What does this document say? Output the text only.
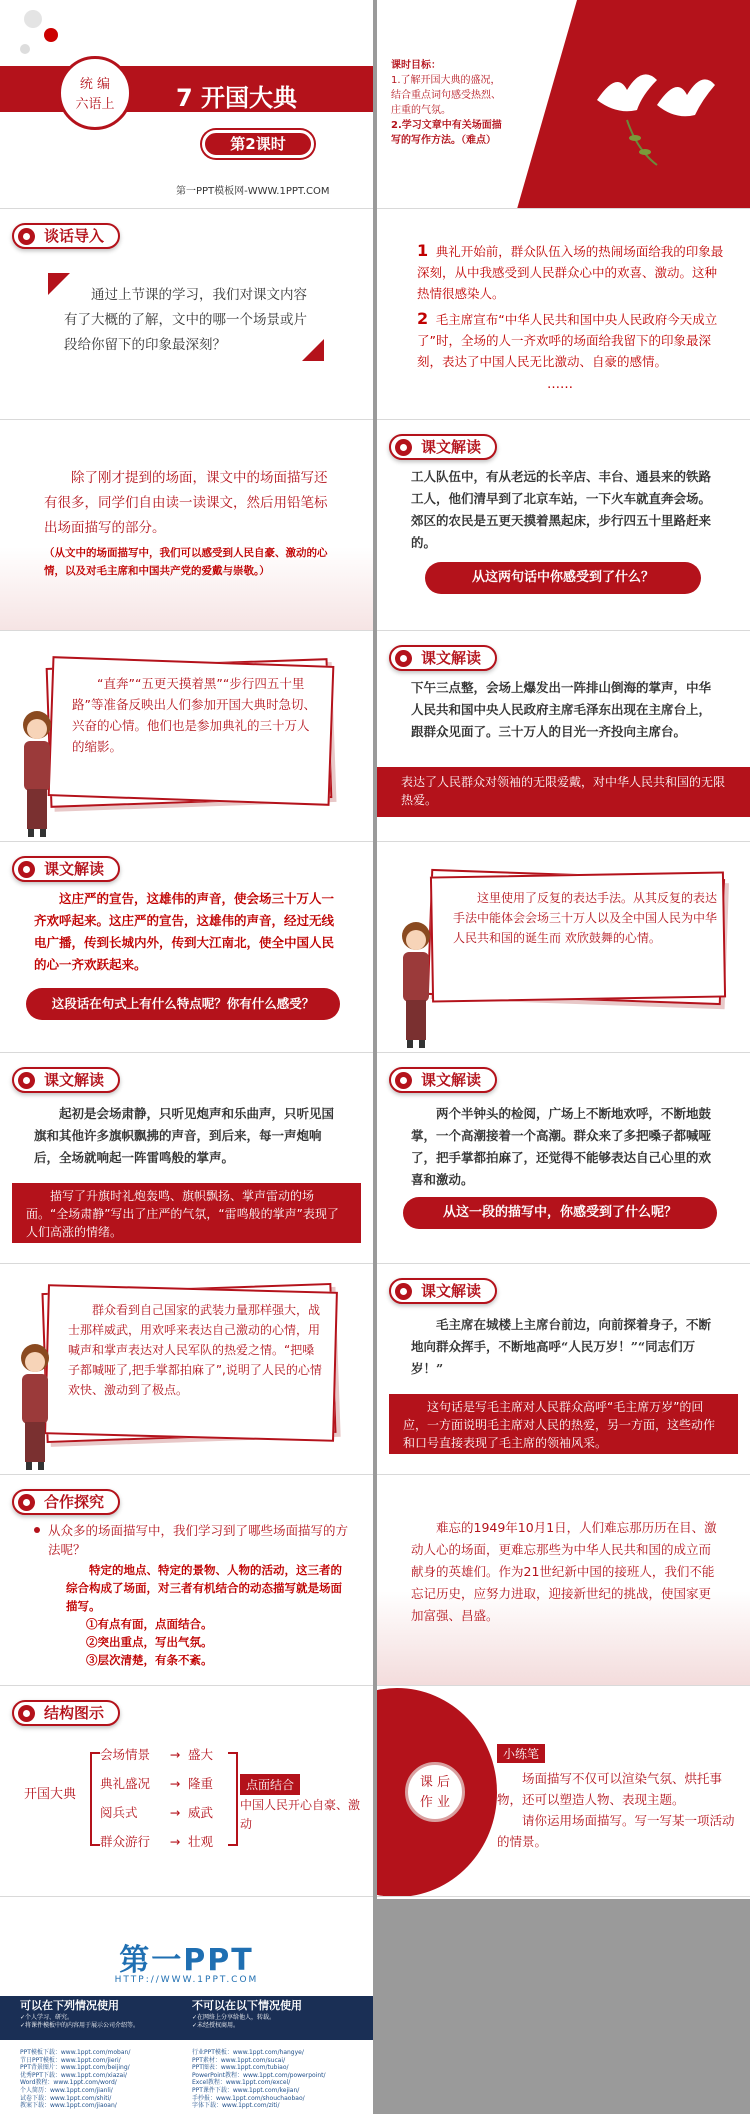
统 编
六语上	7 开国大典
第2课时
第一PPT模板网-WWW.1PPT.COM
课时目标：
1.了解开国大典的盛况，结合重点词句感受热烈、庄重的气氛。
2.学习文章中有关场面描写的写作方法。（难点）
谈话导入
通过上节课的学习，我们对课文内容有了大概的了解，文中的哪一个场景或片段给你留下的印象最深刻？
1 典礼开始前，群众队伍入场的热闹场面给我的印象最深刻，从中我感受到人民群众心中的欢喜、激动。这种热情很感染人。
2 毛主席宣布“中华人民共和国中央人民政府今天成立了”时，全场的人一齐欢呼的场面给我留下的印象最深刻，表达了中国人民无比激动、自豪的感情。
……
除了刚才提到的场面，课文中的场面描写还有很多，同学们自由读一读课文，然后用铅笔标出场面描写的部分。
（从文中的场面描写中，我们可以感受到人民自豪、激动的心情，以及对毛主席和中国共产党的爱戴与崇敬。）
课文解读
工人队伍中，有从老远的长辛店、丰台、通县来的铁路工人，他们清早到了北京车站，一下火车就直奔会场。郊区的农民是五更天摸着黑起床，步行四五十里路赶来的。
从这两句话中你感受到了什么？
“直奔”“五更天摸着黑”“步行四五十里路”等准备反映出人们参加开国大典时急切、兴奋的心情。他们也是参加典礼的三十万人的缩影。
课文解读
下午三点整，会场上爆发出一阵排山倒海的掌声，中华人民共和国中央人民政府主席毛泽东出现在主席台上，跟群众见面了。三十万人的目光一齐投向主席台。
表达了人民群众对领袖的无限爱戴，对中华人民共和国的无限热爱。
课文解读
这庄严的宣告，这雄伟的声音，使会场三十万人一齐欢呼起来。这庄严的宣告，这雄伟的声音，经过无线电广播，传到长城内外，传到大江南北，使全中国人民的心一齐欢跃起来。
这段话在句式上有什么特点呢？你有什么感受？
这里使用了反复的表达手法。从其反复的表达手法中能体会会场三十万人以及全中国人民为中华人民共和国的诞生而 欢欣鼓舞的心情。
课文解读
起初是会场肃静，只听见炮声和乐曲声，只听见国旗和其他许多旗帜飘拂的声音，到后来，每一声炮响后，全场就响起一阵雷鸣般的掌声。
描写了升旗时礼炮轰鸣、旗帜飘扬、掌声雷动的场面。“全场肃静”写出了庄严的气氛，“雷鸣般的掌声”表现了人们高涨的情绪。
课文解读
两个半钟头的检阅，广场上不断地欢呼，不断地鼓掌，一个高潮接着一个高潮。群众来了多把嗓子都喊哑了，把手掌都拍麻了，还觉得不能够表达自己心里的欢喜和激动。
从这一段的描写中，你感受到了什么呢？
群众看到自己国家的武装力量那样强大，战士那样威武，用欢呼来表达自己激动的心情，用喊声和掌声表达对人民军队的热爱之情。“把嗓子都喊哑了,把手掌都拍麻了”,说明了人民的心情欢快、激动到了极点。
课文解读
毛主席在城楼上主席台前边，向前探着身子，不断地向群众挥手，不断地高呼“人民万岁！”“同志们万岁！”
这句话是写毛主席对人民群众高呼“毛主席万岁”的回应，一方面说明毛主席对人民的热爱，另一方面，这些动作和口号直接表现了毛主席的领袖风采。
合作探究
从众多的场面描写中，我们学习到了哪些场面描写的方法呢？
特定的地点、特定的景物、人物的活动，这三者的综合构成了场面，对三者有机结合的动态描写就是场面描写。
①有点有面，点面结合。
②突出重点，写出气氛。
③层次清楚，有条不紊。
难忘的1949年10月1日，人们难忘那历历在目、激动人心的场面，更难忘那些为中华人民共和国的成立而献身的英雄们。作为21世纪新中国的接班人，我们不能忘记历史，应努力进取，迎接新世纪的挑战，使国家更加富强、昌盛。
结构图示
开国大典
会场情景 → 盛大
典礼盛况 → 隆重
阅兵式	→ 威武
群众游行 → 壮观
点面结合
中国人民开心自豪、激动
课 后 作 业
小练笔
场面描写不仅可以渲染气氛、烘托事物，还可以塑造人物、表现主题。
请你运用场面描写。写一写某一项活动的情景。
第一PPT
HTTP://WWW.1PPT.COM
可以在下列情况使用
✓个人学习、研究。
✓将课件模板中的内容用于展示公司介绍等。
不可以在以下情况使用
✓在网络上分享给他人，转载。
✓未经授权商用。
PPT模板下载：www.1ppt.com/moban/
节日PPT模板：www.1ppt.com/jieri/
PPT背景图片：www.1ppt.com/beijing/
优秀PPT下载：www.1ppt.com/xiazai/
Word教程：www.1ppt.com/word/
个人简历：www.1ppt.com/jianli/
试卷下载：www.1ppt.com/shiti/
教案下载：www.1ppt.com/jiaoan/
行业PPT模板：www.1ppt.com/hangye/
PPT素材：www.1ppt.com/sucai/
PPT图表：www.1ppt.com/tubiao/
PowerPoint教程：www.1ppt.com/powerpoint/
Excel教程：www.1ppt.com/excel/
PPT课件下载：www.1ppt.com/kejian/
手抄报：www.1ppt.com/shouchaobao/
字体下载：www.1ppt.com/ziti/
